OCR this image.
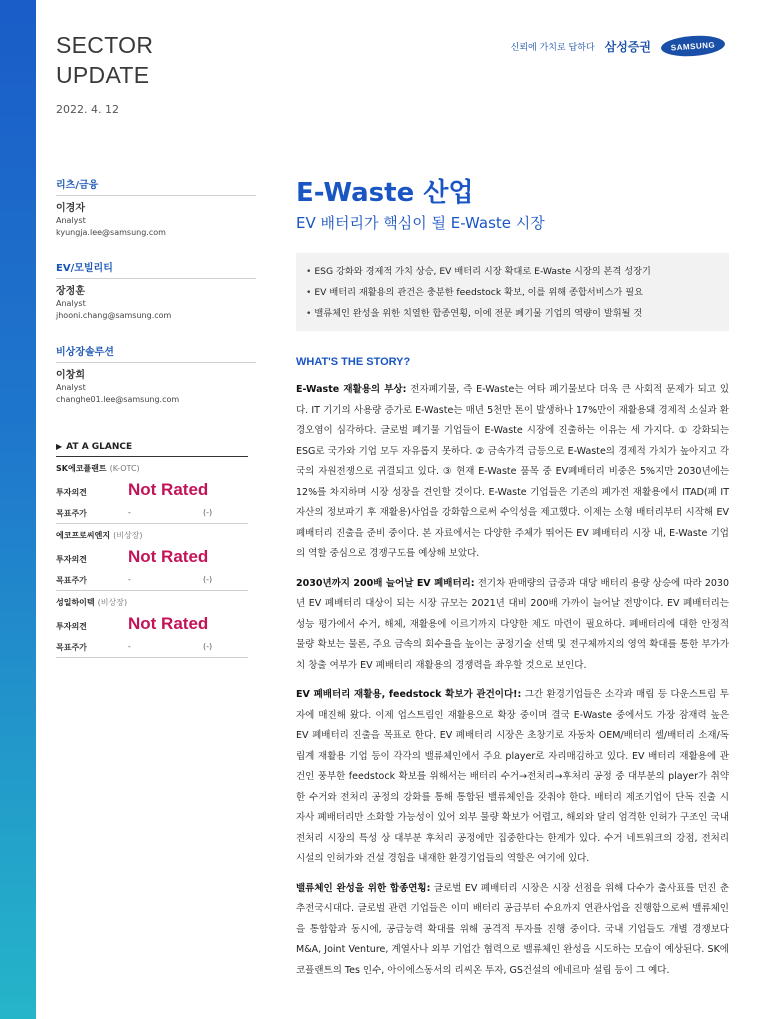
SECTOR
UPDATE
2022. 4. 12
리츠/금융
이경자
Analyst
kyungja.lee@samsung.com
EV/모빌리티
장정훈
Analyst
jhooni.chang@samsung.com
비상장솔루션
이창희
Analyst
changhe01.lee@samsung.com
▶ AT A GLANCE
SK에코플랜트 (K-OTC)
투자의견	Not Rated
목표주가	-	(-)
에코프로씨엔지 (비상장)
투자의견	Not Rated
목표주가	-	(-)
성일하이텍 (비상장)
투자의견	Not Rated
목표주가	-	(-)
신뢰에 가치로 답하다 삼성증권	SAMSUNG
E-Waste 산업
EV 배터리가 핵심이 될 E-Waste 시장
• ESG 강화와 경제적 가치 상승, EV 배터리 시장 확대로 E-Waste 시장의 본격 성장기
• EV 배터리 재활용의 관건은 충분한 feedstock 확보, 이를 위해 종합서비스가 필요
• 밸류체인 완성을 위한 치열한 합종연횡, 이에 전문 폐기물 기업의 역량이 발휘될 것
WHAT'S THE STORY?

E-Waste 재활용의 부상: 전자폐기물, 즉 E-Waste는 여타 폐기물보다 더욱 큰 사회적 문제가 되고 있다. IT 기기의 사용량 증가로 E-Waste는 매년 5천만 톤이 발생하나 17%만이 재활용돼 경제적 소실과 환경오염이 심각하다. 글로벌 폐기물 기업들이 E-Waste 시장에 진출하는 이유는 세 가지다. ① 강화되는 ESG로 국가와 기업 모두 자유롭지 못하다. ② 금속가격 급등으로 E-Waste의 경제적 가치가 높아지고 각국의 자원전쟁으로 귀결되고 있다. ③ 현재 E-Waste 품목 중 EV폐배터리 비중은 5%지만 2030년에는 12%를 차지하며 시장 성장을 견인할 것이다. E-Waste 기업들은 기존의 폐가전 재활용에서 ITAD(폐 IT 자산의 정보파기 후 재활용)사업을 강화함으로써 수익성을 제고했다. 이제는 소형 배터리부터 시작해 EV 폐배터리 진출을 준비 중이다. 본 자료에서는 다양한 주체가 뛰어든 EV 폐배터리 시장 내, E-Waste 기업의 역할 중심으로 경쟁구도를 예상해 보았다.

2030년까지 200배 늘어날 EV 폐배터리: 전기차 판매량의 급증과 대당 배터리 용량 상승에 따라 2030년 EV 폐배터리 대상이 되는 시장 규모는 2021년 대비 200배 가까이 늘어날 전망이다. EV 폐배터리는 성능 평가에서 수거, 해체, 재활용에 이르기까지 다양한 제도 마련이 필요하다. 폐배터리에 대한 안정적 물량 확보는 물론, 주요 금속의 회수율을 높이는 공정기술 선택 및 전구체까지의 영역 확대를 통한 부가가치 창출 여부가 EV 폐배터리 재활용의 경쟁력을 좌우할 것으로 보인다.

EV 폐배터리 재활용, feedstock 확보가 관건이다!: 그간 환경기업들은 소각과 매립 등 다운스트림 투자에 매진해 왔다. 이제 업스트림인 재활용으로 확장 중이며 결국 E-Waste 중에서도 가장 잠재력 높은 EV 폐배터리 진출을 목표로 한다. EV 폐배터리 시장은 초창기로 자동차 OEM/배터리 셀/배터리 소재/독립계 재활용 기업 등이 각각의 밸류체인에서 주요 player로 자리매김하고 있다. EV 배터리 재활용에 관건인 풍부한 feedstock 확보를 위해서는 배터리 수거→전처리→후처리 공정 중 대부분의 player가 취약한 수거와 전처리 공정의 강화를 통해 통합된 밸류체인을 갖춰야 한다. 배터리 제조기업이 단독 진출 시 자사 폐배터리만 소화할 가능성이 있어 외부 물량 확보가 어렵고, 해외와 달리 엄격한 인허가 구조인 국내 전처리 시장의 특성 상 대부분 후처리 공정에만 집중한다는 한계가 있다. 수거 네트워크의 강점, 전처리 시설의 인허가와 건설 경험을 내재한 환경기업들의 역할은 여기에 있다.

밸류체인 완성을 위한 합종연횡: 글로벌 EV 폐배터리 시장은 시장 선점을 위해 다수가 출사표를 던진 춘추전국시대다. 글로벌 관련 기업들은 이미 배터리 공급부터 수요까지 연관사업을 진행함으로써 밸류체인을 통합함과 동시에, 공급능력 확대를 위해 공격적 투자를 진행 중이다. 국내 기업들도 개별 경쟁보다 M&A, Joint Venture, 계열사나 외부 기업간 협력으로 밸류체인 완성을 시도하는 모습이 예상된다. SK에코플랜트의 Tes 인수, 아이에스동서의 리씨온 투자, GS건설의 에네르마 설립 등이 그 예다.
